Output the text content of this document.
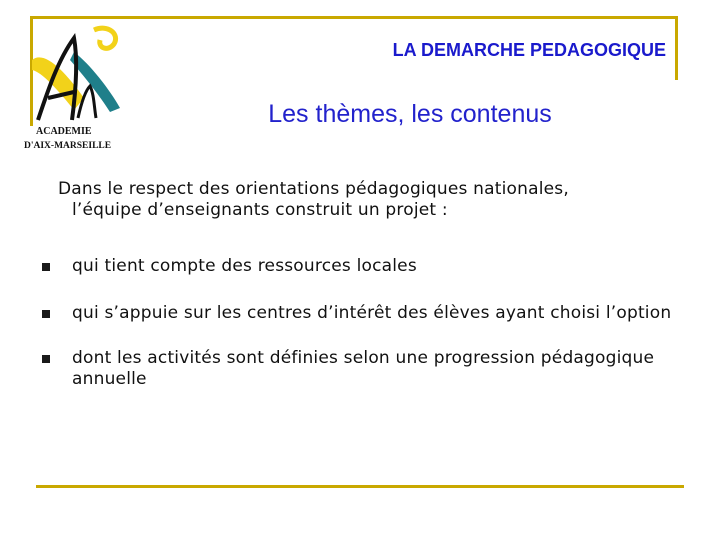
ACADEMIE
D'AIX-MARSEILLE
LA DEMARCHE PEDAGOGIQUE
Les thèmes, les contenus
Dans le respect des orientations pédagogiques nationales,
l’équipe d’enseignants construit un projet :
qui tient compte des ressources locales
qui s’appuie sur les centres d’intérêt des élèves ayant choisi l’option
dont les activités sont définies selon une progression pédagogique annuelle
